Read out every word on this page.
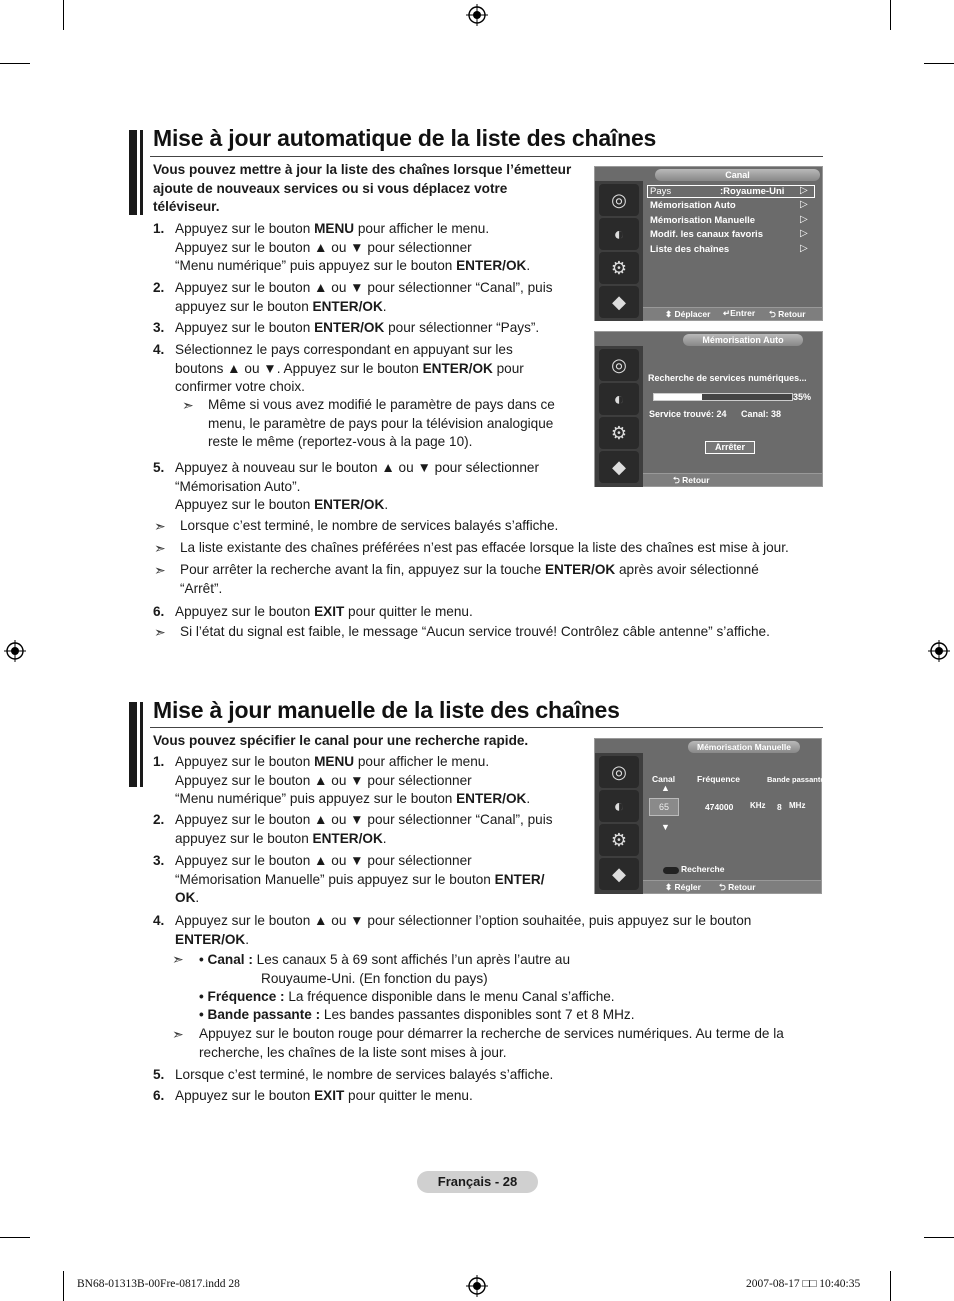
Mise à jour automatique de la liste des chaînes
Vous pouvez mettre à jour la liste des chaînes lorsque l’émetteur ajoute de nouveaux services ou si vous déplacez votre téléviseur.
1. Appuyez sur le bouton MENU pour afficher le menu.
Appuyez sur le bouton ▲ ou ▼ pour sélectionner
“Menu numérique” puis appuyez sur le bouton ENTER/OK.
2. Appuyez sur le bouton ▲ ou ▼ pour sélectionner “Canal”, puis
appuyez sur le bouton ENTER/OK.
3. Appuyez sur le bouton ENTER/OK pour sélectionner “Pays”.
4. Sélectionnez le pays correspondant en appuyant sur les
boutons ▲ ou ▼. Appuyez sur le bouton ENTER/OK pour
confirmer votre choix.
5. Appuyez à nouveau sur le bouton ▲ ou ▼ pour sélectionner
“Mémorisation Auto”.
Appuyez sur le bouton ENTER/OK.
6. Appuyez sur le bouton EXIT pour quitter le menu.
➣ Même si vous avez modifié le paramètre de pays dans ce menu, le paramètre de pays pour la télévision analogique reste le même (reportez-vous à la page 10).
➣ Lorsque c’est terminé, le nombre de services balayés s’affiche.
➣ La liste existante des chaînes préférées n’est pas effacée lorsque la liste des chaînes est mise à jour.
➣ Pour arrêter la recherche avant la fin, appuyez sur la touche ENTER/OK après avoir sélectionné
“Arrêt”.
➣ Si l’état du signal est faible, le message “Aucun service trouvé! Contrôlez câble antenne” s’affiche.
Canal
◎
◐
⚙
◆
Pays	:Royaume-Uni ▷
Mémorisation Auto	▷
Mémorisation Manuelle	▷
Modif. les canaux favoris	▷
Liste des chaînes	▷
⬍ Déplacer ↵Entrer ⮌ Retour
Mémorisation Auto
◎
◐
⚙
◆
Recherche de services numériques...
35%
Service trouvé: 24 Canal: 38
Arrêter
⮌ Retour
Mise à jour manuelle de la liste des chaînes
Vous pouvez spécifier le canal pour une recherche rapide.
1. Appuyez sur le bouton MENU pour afficher le menu.
Appuyez sur le bouton ▲ ou ▼ pour sélectionner
“Menu numérique” puis appuyez sur le bouton ENTER/OK.
2. Appuyez sur le bouton ▲ ou ▼ pour sélectionner “Canal”, puis
appuyez sur le bouton ENTER/OK.
3. Appuyez sur le bouton ▲ ou ▼ pour sélectionner
“Mémorisation Manuelle” puis appuyez sur le bouton ENTER/
OK.
4. Appuyez sur le bouton ▲ ou ▼ pour sélectionner l’option souhaitée, puis appuyez sur le bouton
ENTER/OK.
5. Lorsque c’est terminé, le nombre de services balayés s’affiche.
6. Appuyez sur le bouton EXIT pour quitter le menu.
➣ • Canal : Les canaux 5 à 69 sont affichés l’un après l’autre au
Rouyaume-Uni. (En fonction du pays)
• Fréquence : La fréquence disponible dans le menu Canal s’affiche.
• Bande passante : Les bandes passantes disponibles sont 7 et 8 MHz.
➣ Appuyez sur le bouton rouge pour démarrer la recherche de services numériques. Au terme de la recherche, les chaînes de la liste sont mises à jour.
Mémorisation Manuelle
◎
◐
⚙
◆
Canal	Fréquence	Bande passante
▲
65
▼
474000 KHz 8 MHz
Recherche
⬍ Régler ⮌ Retour
Français - 28
BN68-01313B-00Fre-0817.indd 28	2007-08-17 □□ 10:40:35
